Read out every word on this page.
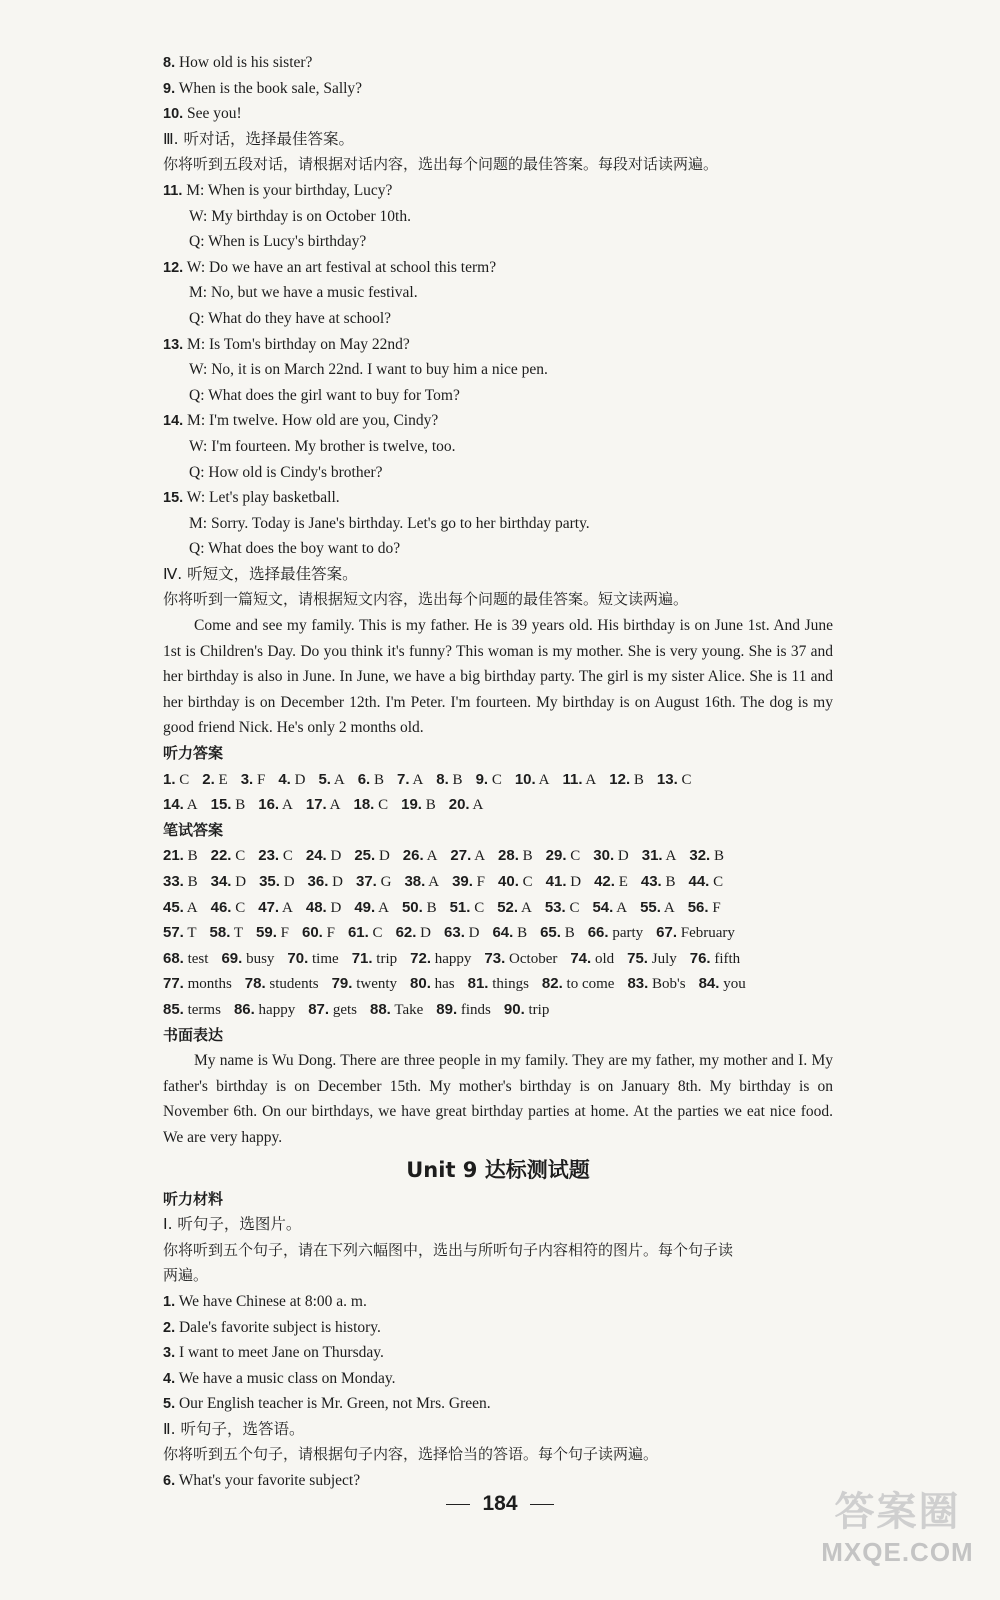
8. How old is his sister?
9. When is the book sale, Sally?
10. See you!
Ⅲ. 听对话，选择最佳答案。
你将听到五段对话，请根据对话内容，选出每个问题的最佳答案。每段对话读两遍。
11. M: When is your birthday, Lucy?
W: My birthday is on October 10th.
Q: When is Lucy's birthday?
12. W: Do we have an art festival at school this term?
M: No, but we have a music festival.
Q: What do they have at school?
13. M: Is Tom's birthday on May 22nd?
W: No, it is on March 22nd. I want to buy him a nice pen.
Q: What does the girl want to buy for Tom?
14. M: I'm twelve. How old are you, Cindy?
W: I'm fourteen. My brother is twelve, too.
Q: How old is Cindy's brother?
15. W: Let's play basketball.
M: Sorry. Today is Jane's birthday. Let's go to her birthday party.
Q: What does the boy want to do?
Ⅳ. 听短文，选择最佳答案。
你将听到一篇短文，请根据短文内容，选出每个问题的最佳答案。短文读两遍。
Come and see my family. This is my father. He is 39 years old. His birthday is on June 1st. And June 1st is Children's Day. Do you think it's funny? This woman is my mother. She is very young. She is 37 and her birthday is also in June. In June, we have a big birthday party. The girl is my sister Alice. She is 11 and her birthday is on December 12th. I'm Peter. I'm fourteen. My birthday is on August 16th. The dog is my good friend Nick. He's only 2 months old.
听力答案
1. C 2. E 3. F 4. D 5. A 6. B 7. A 8. B 9. C 10. A 11. A 12. B 13. C
14. A 15. B 16. A 17. A 18. C 19. B 20. A
笔试答案
21. B 22. C 23. C 24. D 25. D 26. A 27. A 28. B 29. C 30. D 31. A 32. B
33. B 34. D 35. D 36. D 37. G 38. A 39. F 40. C 41. D 42. E 43. B 44. C
45. A 46. C 47. A 48. D 49. A 50. B 51. C 52. A 53. C 54. A 55. A 56. F
57. T 58. T 59. F 60. F 61. C 62. D 63. D 64. B 65. B 66. party 67. February
68. test 69. busy 70. time 71. trip 72. happy 73. October 74. old 75. July 76. fifth
77. months 78. students 79. twenty 80. has 81. things 82. to come 83. Bob's 84. you
85. terms 86. happy 87. gets 88. Take 89. finds 90. trip
书面表达
My name is Wu Dong. There are three people in my family. They are my father, my mother and I. My father's birthday is on December 15th. My mother's birthday is on January 8th. My birthday is on November 6th. On our birthdays, we have great birthday parties at home. At the parties we eat nice food. We are very happy.
Unit 9 达标测试题
听力材料
Ⅰ. 听句子，选图片。
你将听到五个句子，请在下列六幅图中，选出与所听句子内容相符的图片。每个句子读
两遍。
1. We have Chinese at 8:00 a. m.
2. Dale's favorite subject is history.
3. I want to meet Jane on Thursday.
4. We have a music class on Monday.
5. Our English teacher is Mr. Green, not Mrs. Green.
Ⅱ. 听句子，选答语。
你将听到五个句子，请根据句子内容，选择恰当的答语。每个句子读两遍。
6. What's your favorite subject?
184	答案圈
MXQE.COM
